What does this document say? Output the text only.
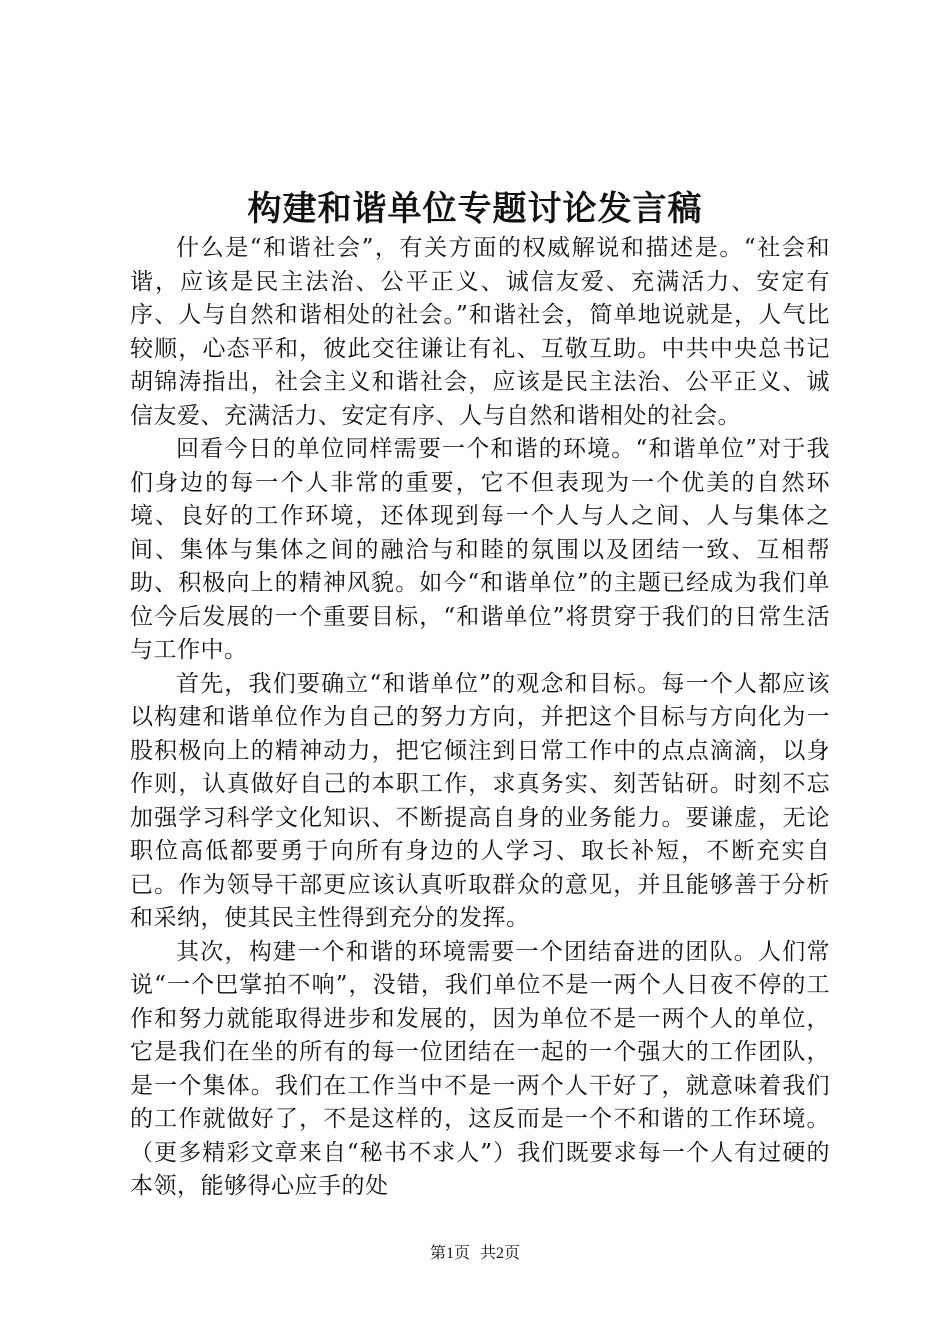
构建和谐单位专题讨论发言稿

什么是“和谐社会”，有关方面的权威解说和描述是。“社会和谐，应该是民主法治、公平正义、诚信友爱、充满活力、安定有序、人与自然和谐相处的社会。”和谐社会，简单地说就是，人气比较顺，心态平和，彼此交往谦让有礼、互敬互助。中共中央总书记胡锦涛指出，社会主义和谐社会，应该是民主法治、公平正义、诚信友爱、充满活力、安定有序、人与自然和谐相处的社会。

回看今日的单位同样需要一个和谐的环境。“和谐单位”对于我们身边的每一个人非常的重要，它不但表现为一个优美的自然环境、良好的工作环境，还体现到每一个人与人之间、人与集体之间、集体与集体之间的融洽与和睦的氛围以及团结一致、互相帮助、积极向上的精神风貌。如今“和谐单位”的主题已经成为我们单位今后发展的一个重要目标，“和谐单位”将贯穿于我们的日常生活与工作中。

首先，我们要确立“和谐单位”的观念和目标。每一个人都应该以构建和谐单位作为自己的努力方向，并把这个目标与方向化为一股积极向上的精神动力，把它倾注到日常工作中的点点滴滴，以身作则，认真做好自己的本职工作，求真务实、刻苦钻研。时刻不忘加强学习科学文化知识、不断提高自身的业务能力。要谦虚，无论职位高低都要勇于向所有身边的人学习、取长补短，不断充实自已。作为领导干部更应该认真听取群众的意见，并且能够善于分析和采纳，使其民主性得到充分的发挥。

其次，构建一个和谐的环境需要一个团结奋进的团队。人们常说“一个巴掌拍不响”，没错，我们单位不是一两个人日夜不停的工作和努力就能取得进步和发展的，因为单位不是一两个人的单位，它是我们在坐的所有的每一位团结在一起的一个强大的工作团队，是一个集体。我们在工作当中不是一两个人干好了，就意味着我们的工作就做好了，不是这样的，这反而是一个不和谐的工作环境。（更多精彩文章来自“秘书不求人”）我们既要求每一个人有过硬的本领，能够得心应手的处

第1页 共2页
